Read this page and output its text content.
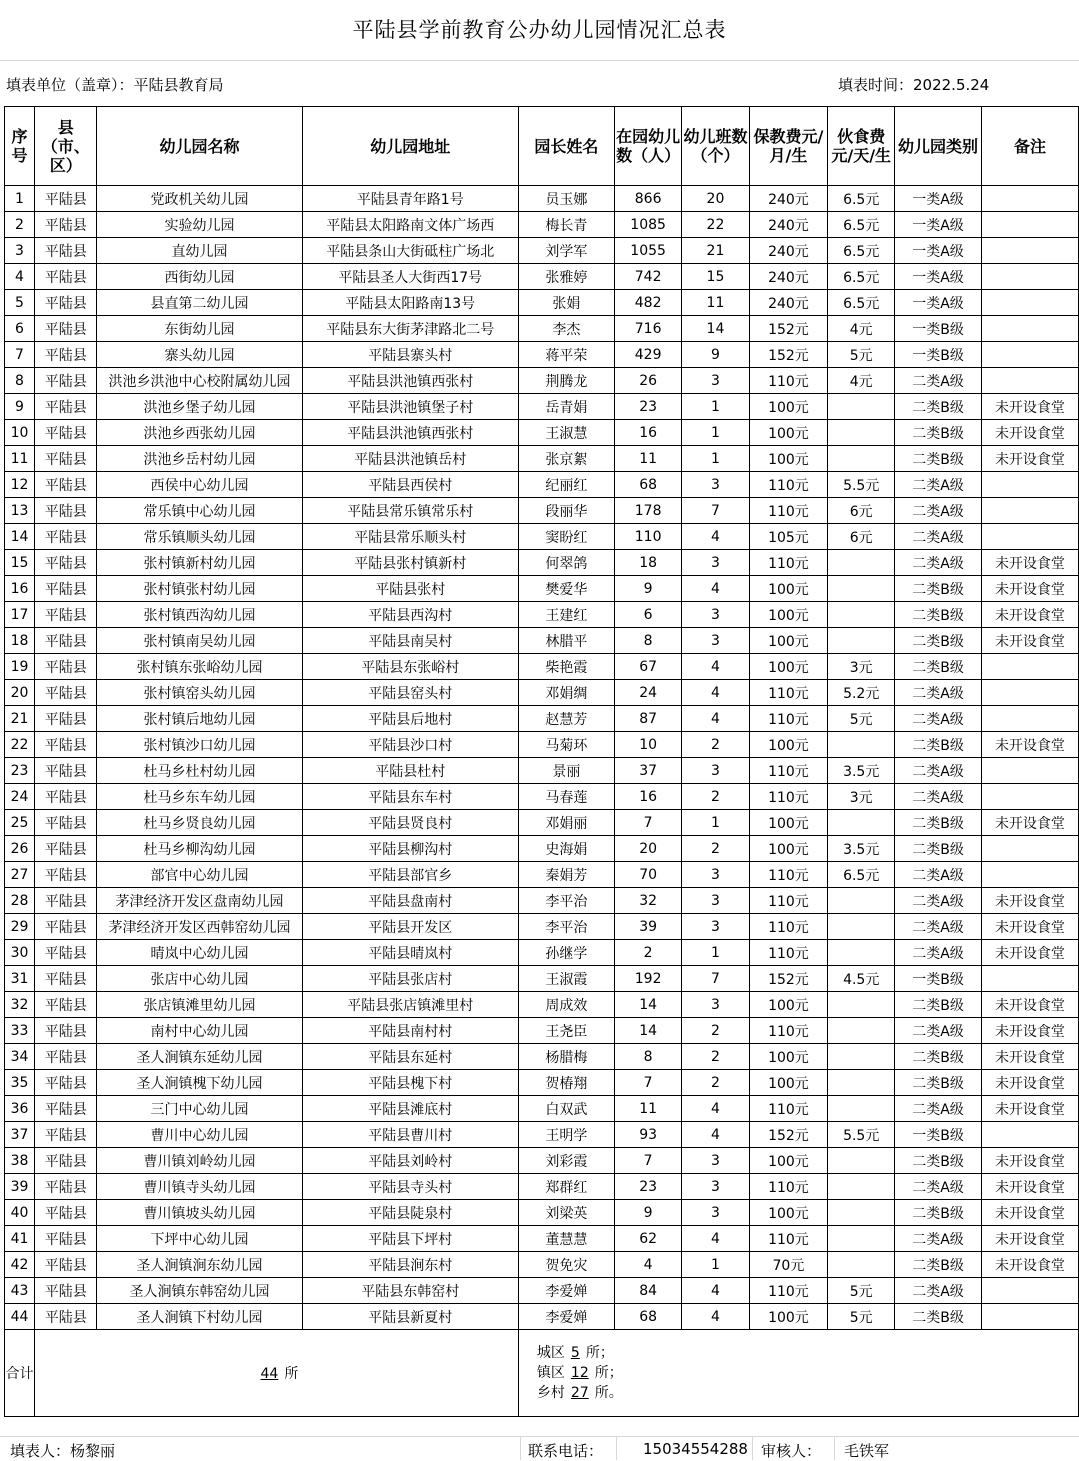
平陆县学前教育公办幼儿园情况汇总表
填表单位（盖章）：平陆县教育局	填表时间：2022.5.24
序号	县（市、区）	幼儿园名称	幼儿园地址	园长姓名	在园幼儿数（人）	幼儿班数（个）	保教费元/月/生	伙食费元/天/生	幼儿园类别	备注
1	平陆县	党政机关幼儿园	平陆县青年路1号	员玉娜	866	20	240元	6.5元	一类A级	
2	平陆县	实验幼儿园	平陆县太阳路南文体广场西	梅长青	1085	22	240元	6.5元	一类A级	
3	平陆县	直幼儿园	平陆县条山大街砥柱广场北	刘学军	1055	21	240元	6.5元	一类A级	
4	平陆县	西街幼儿园	平陆县圣人大街西17号	张雅婷	742	15	240元	6.5元	一类A级	
5	平陆县	县直第二幼儿园	平陆县太阳路南13号	张娟	482	11	240元	6.5元	一类A级	
6	平陆县	东街幼儿园	平陆县东大街茅津路北二号	李杰	716	14	152元	4元	一类B级	
7	平陆县	寨头幼儿园	平陆县寨头村	蒋平荣	429	9	152元	5元	一类B级	
8	平陆县	洪池乡洪池中心校附属幼儿园	平陆县洪池镇西张村	荆腾龙	26	3	110元	4元	二类A级	
9	平陆县	洪池乡堡子幼儿园	平陆县洪池镇堡子村	岳青娟	23	1	100元		二类B级	未开设食堂
10	平陆县	洪池乡西张幼儿园	平陆县洪池镇西张村	王淑慧	16	1	100元		二类B级	未开设食堂
11	平陆县	洪池乡岳村幼儿园	平陆县洪池镇岳村	张京絮	11	1	100元		二类B级	未开设食堂
12	平陆县	西侯中心幼儿园	平陆县西侯村	纪丽红	68	3	110元	5.5元	二类A级	
13	平陆县	常乐镇中心幼儿园	平陆县常乐镇常乐村	段丽华	178	7	110元	6元	二类A级	
14	平陆县	常乐镇顺头幼儿园	平陆县常乐顺头村	窦盼红	110	4	105元	6元	二类A级	
15	平陆县	张村镇新村幼儿园	平陆县张村镇新村	何翠鸽	18	3	110元		二类A级	未开设食堂
16	平陆县	张村镇张村幼儿园	平陆县张村	樊爱华	9	4	100元		二类B级	未开设食堂
17	平陆县	张村镇西沟幼儿园	平陆县西沟村	王建红	6	3	100元		二类B级	未开设食堂
18	平陆县	张村镇南吴幼儿园	平陆县南吴村	林腊平	8	3	100元		二类B级	未开设食堂
19	平陆县	张村镇东张峪幼儿园	平陆县东张峪村	柴艳霞	67	4	100元	3元	二类B级	
20	平陆县	张村镇窑头幼儿园	平陆县窑头村	邓娟绸	24	4	110元	5.2元	二类A级	
21	平陆县	张村镇后地幼儿园	平陆县后地村	赵慧芳	87	4	110元	5元	二类A级	
22	平陆县	张村镇沙口幼儿园	平陆县沙口村	马菊环	10	2	100元		二类B级	未开设食堂
23	平陆县	杜马乡杜村幼儿园	平陆县杜村	景丽	37	3	110元	3.5元	二类A级	
24	平陆县	杜马乡东车幼儿园	平陆县东车村	马春莲	16	2	110元	3元	二类A级	
25	平陆县	杜马乡贤良幼儿园	平陆县贤良村	邓娟丽	7	1	100元		二类B级	未开设食堂
26	平陆县	杜马乡柳沟幼儿园	平陆县柳沟村	史海娟	20	2	100元	3.5元	二类B级	
27	平陆县	部官中心幼儿园	平陆县部官乡	秦娟芳	70	3	110元	6.5元	二类A级	
28	平陆县	茅津经济开发区盘南幼儿园	平陆县盘南村	李平治	32	3	110元		二类A级	未开设食堂
29	平陆县	茅津经济开发区西韩窑幼儿园	平陆县开发区	李平治	39	3	110元		二类A级	未开设食堂
30	平陆县	晴岚中心幼儿园	平陆县晴岚村	孙继学	2	1	110元		二类A级	未开设食堂
31	平陆县	张店中心幼儿园	平陆县张店村	王淑霞	192	7	152元	4.5元	一类B级	
32	平陆县	张店镇滩里幼儿园	平陆县张店镇滩里村	周成效	14	3	100元		二类B级	未开设食堂
33	平陆县	南村中心幼儿园	平陆县南村村	王尧臣	14	2	110元		二类A级	未开设食堂
34	平陆县	圣人涧镇东延幼儿园	平陆县东延村	杨腊梅	8	2	100元		二类B级	未开设食堂
35	平陆县	圣人涧镇槐下幼儿园	平陆县槐下村	贺椿翔	7	2	100元		二类B级	未开设食堂
36	平陆县	三门中心幼儿园	平陆县滩底村	白双武	11	4	110元		二类A级	未开设食堂
37	平陆县	曹川中心幼儿园	平陆县曹川村	王明学	93	4	152元	5.5元	一类B级	
38	平陆县	曹川镇刘岭幼儿园	平陆县刘岭村	刘彩霞	7	3	100元		二类B级	未开设食堂
39	平陆县	曹川镇寺头幼儿园	平陆县寺头村	郑群红	23	3	110元		二类A级	未开设食堂
40	平陆县	曹川镇坡头幼儿园	平陆县陡泉村	刘梁英	9	3	100元		二类B级	未开设食堂
41	平陆县	下坪中心幼儿园	平陆县下坪村	董慧慧	62	4	110元		二类A级	未开设食堂
42	平陆县	圣人涧镇涧东幼儿园	平陆县涧东村	贺免灾	4	1	70元		二类B级	未开设食堂
43	平陆县	圣人涧镇东韩窑幼儿园	平陆县东韩窑村	李爱婵	84	4	110元	5元	二类A级	
44	平陆县	圣人涧镇下村幼儿园	平陆县新夏村	李爱婵	68	4	100元	5元	二类B级	
合计	44 所			城区 5 所；
镇区 12 所；
乡村 27 所。						
填表人：杨黎丽	联系电话：	15034554288 审核人： 毛铁军
